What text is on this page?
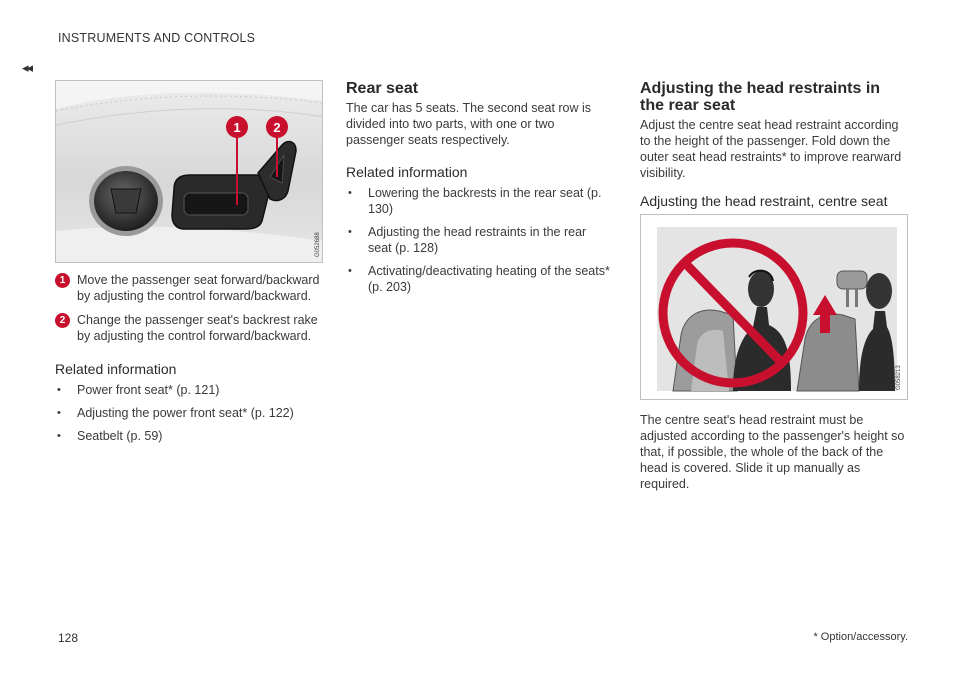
INSTRUMENTS AND CONTROLS
◂◂
1	2
G052688
1 Move the passenger seat forward/backward by adjusting the control forward/backward.
2 Change the passenger seat's backrest rake by adjusting the control forward/backward.
Related information
• Power front seat* (p. 121)
• Adjusting the power front seat* (p. 122)
• Seatbelt (p. 59)
Rear seat

The car has 5 seats. The second seat row is divided into two parts, with one or two passenger seats respectively.

Related information
• Lowering the backrests in the rear seat (p. 130)
• Adjusting the head restraints in the rear seat (p. 128)
• Activating/deactivating heating of the seats* (p. 203)
Adjusting the head restraints in the rear seat

Adjust the centre seat head restraint according to the height of the passenger. Fold down the outer seat head restraints* to improve rearward visibility.

Adjusting the head restraint, centre seat
G058213

The centre seat's head restraint must be adjusted according to the passenger's height so that, if possible, the whole of the back of the head is covered. Slide it up manually as required.

128	* Option/accessory.
